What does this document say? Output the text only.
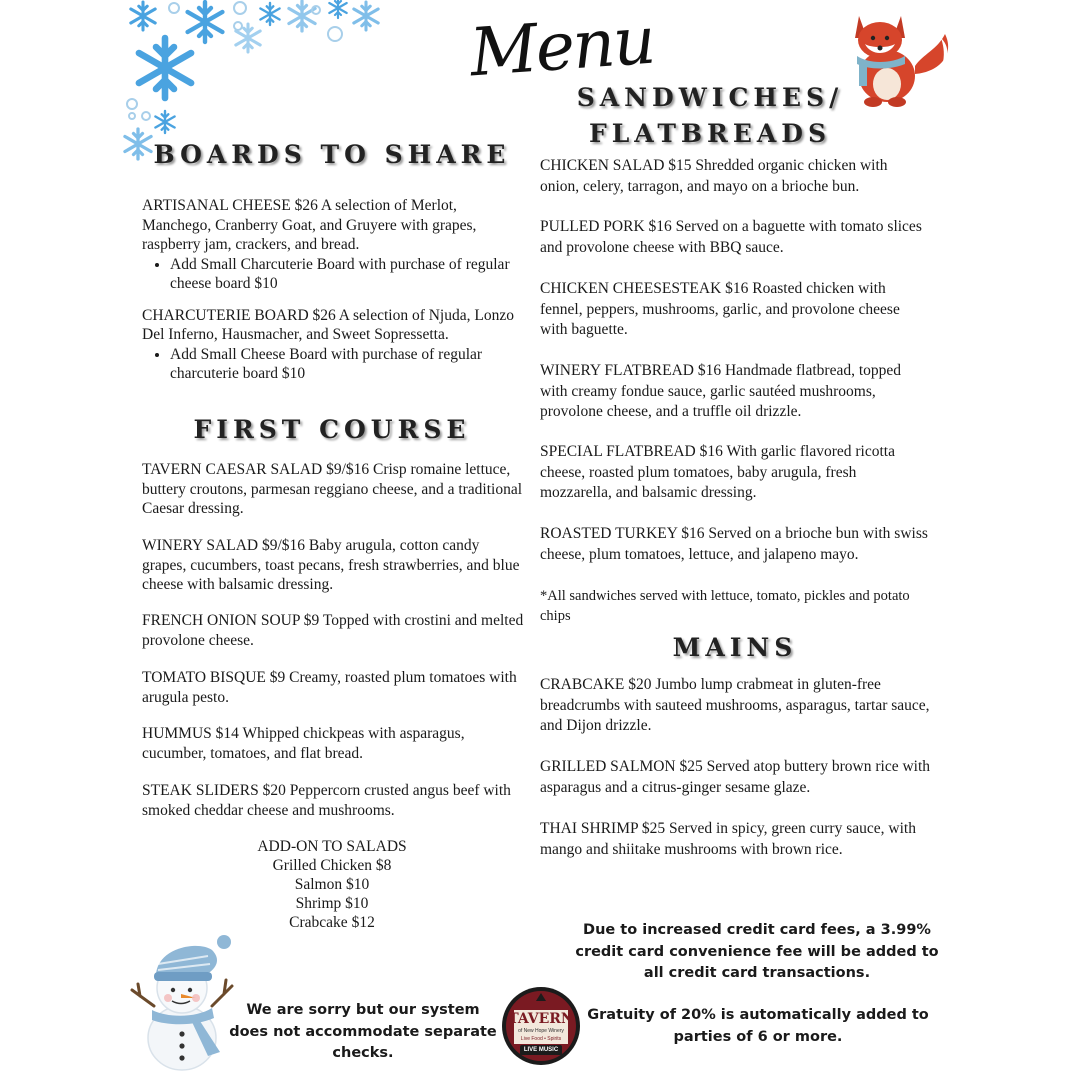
Menu
BOARDS TO SHARE
ARTISANAL CHEESE $26 A selection of Merlot, Manchego, Cranberry Goat, and Gruyere with grapes, raspberry jam, crackers, and bread.
• Add Small Charcuterie Board with purchase of regular cheese board $10
CHARCUTERIE BOARD $26 A selection of Njuda, Lonzo Del Inferno, Hausmacher, and Sweet Sopressetta.
• Add Small Cheese Board with purchase of regular charcuterie board $10
FIRST COURSE
TAVERN CAESAR SALAD $9/$16 Crisp romaine lettuce, buttery croutons, parmesan reggiano cheese, and a traditional Caesar dressing.
WINERY SALAD $9/$16 Baby arugula, cotton candy grapes, cucumbers, toast pecans, fresh strawberries, and blue cheese with balsamic dressing.
FRENCH ONION SOUP $9 Topped with crostini and melted provolone cheese.
TOMATO BISQUE $9 Creamy, roasted plum tomatoes with arugula pesto.
HUMMUS $14 Whipped chickpeas with asparagus, cucumber, tomatoes, and flat bread.
STEAK SLIDERS $20 Peppercorn crusted angus beef with smoked cheddar cheese and mushrooms.
ADD-ON TO SALADS
Grilled Chicken $8
Salmon $10
Shrimp $10
Crabcake $12
SANDWICHES/
FLATBREADS
CHICKEN SALAD $15 Shredded organic chicken with onion, celery, tarragon, and mayo on a brioche bun.
PULLED PORK $16 Served on a baguette with tomato slices and provolone cheese with BBQ sauce.
CHICKEN CHEESESTEAK $16 Roasted chicken with fennel, peppers, mushrooms, garlic, and provolone cheese with baguette.
WINERY FLATBREAD $16 Handmade flatbread, topped with creamy fondue sauce, garlic sautéed mushrooms, provolone cheese, and a truffle oil drizzle.
SPECIAL FLATBREAD $16 With garlic flavored ricotta cheese, roasted plum tomatoes, baby arugula, fresh mozzarella, and balsamic dressing.
ROASTED TURKEY $16 Served on a brioche bun with swiss cheese, plum tomatoes, lettuce, and jalapeno mayo.
*All sandwiches served with lettuce, tomato, pickles and potato chips
MAINS
CRABCAKE $20 Jumbo lump crabmeat in gluten-free breadcrumbs with sauteed mushrooms, asparagus, tartar sauce, and Dijon drizzle.
GRILLED SALMON $25 Served atop buttery brown rice with asparagus and a citrus-ginger sesame glaze.
THAI SHRIMP $25 Served in spicy, green curry sauce, with mango and shiitake mushrooms with brown rice.
We are sorry but our system does not accommodate separate checks.
TAVERN
of New Hope Winery
Live Food • Spirits
LIVE MUSIC
Due to increased credit card fees, a 3.99% credit card convenience fee will be added to all credit card transactions.
Gratuity of 20% is automatically added to parties of 6 or more.
